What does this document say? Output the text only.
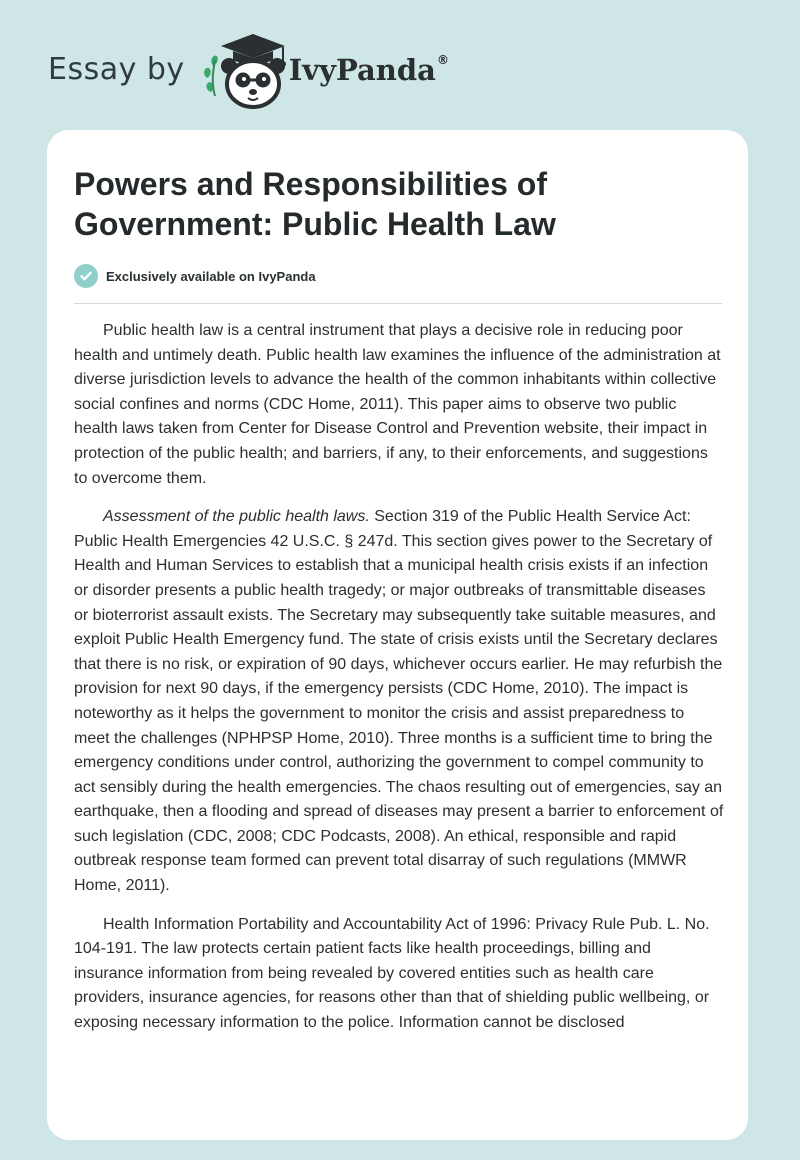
Essay by	IvyPanda®
Powers and Responsibilities of Government: Public Health Law
Exclusively available on IvyPanda

Public health law is a central instrument that plays a decisive role in reducing poor health and untimely death. Public health law examines the influence of the administration at diverse jurisdiction levels to advance the health of the common inhabitants within collective social confines and norms (CDC Home, 2011). This paper aims to observe two public health laws taken from Center for Disease Control and Prevention website, their impact in protection of the public health; and barriers, if any, to their enforcements, and suggestions to overcome them.

Assessment of the public health laws. Section 319 of the Public Health Service Act: Public Health Emergencies 42 U.S.C. § 247d. This section gives power to the Secretary of Health and Human Services to establish that a municipal health crisis exists if an infection or disorder presents a public health tragedy; or major outbreaks of transmittable diseases or bioterrorist assault exists. The Secretary may subsequently take suitable measures, and exploit Public Health Emergency fund. The state of crisis exists until the Secretary declares that there is no risk, or expiration of 90 days, whichever occurs earlier. He may refurbish the provision for next 90 days, if the emergency persists (CDC Home, 2010). The impact is noteworthy as it helps the government to monitor the crisis and assist preparedness to meet the challenges (NPHPSP Home, 2010). Three months is a sufficient time to bring the emergency conditions under control, authorizing the government to compel community to act sensibly during the health emergencies. The chaos resulting out of emergencies, say an earthquake, then a flooding and spread of diseases may present a barrier to enforcement of such legislation (CDC, 2008; CDC Podcasts, 2008). An ethical, responsible and rapid outbreak response team formed can prevent total disarray of such regulations (MMWR Home, 2011).

Health Information Portability and Accountability Act of 1996: Privacy Rule Pub. L. No. 104-191. The law protects certain patient facts like health proceedings, billing and insurance information from being revealed by covered entities such as health care providers, insurance agencies, for reasons other than that of shielding public wellbeing, or exposing necessary information to the police. Information cannot be disclosed
